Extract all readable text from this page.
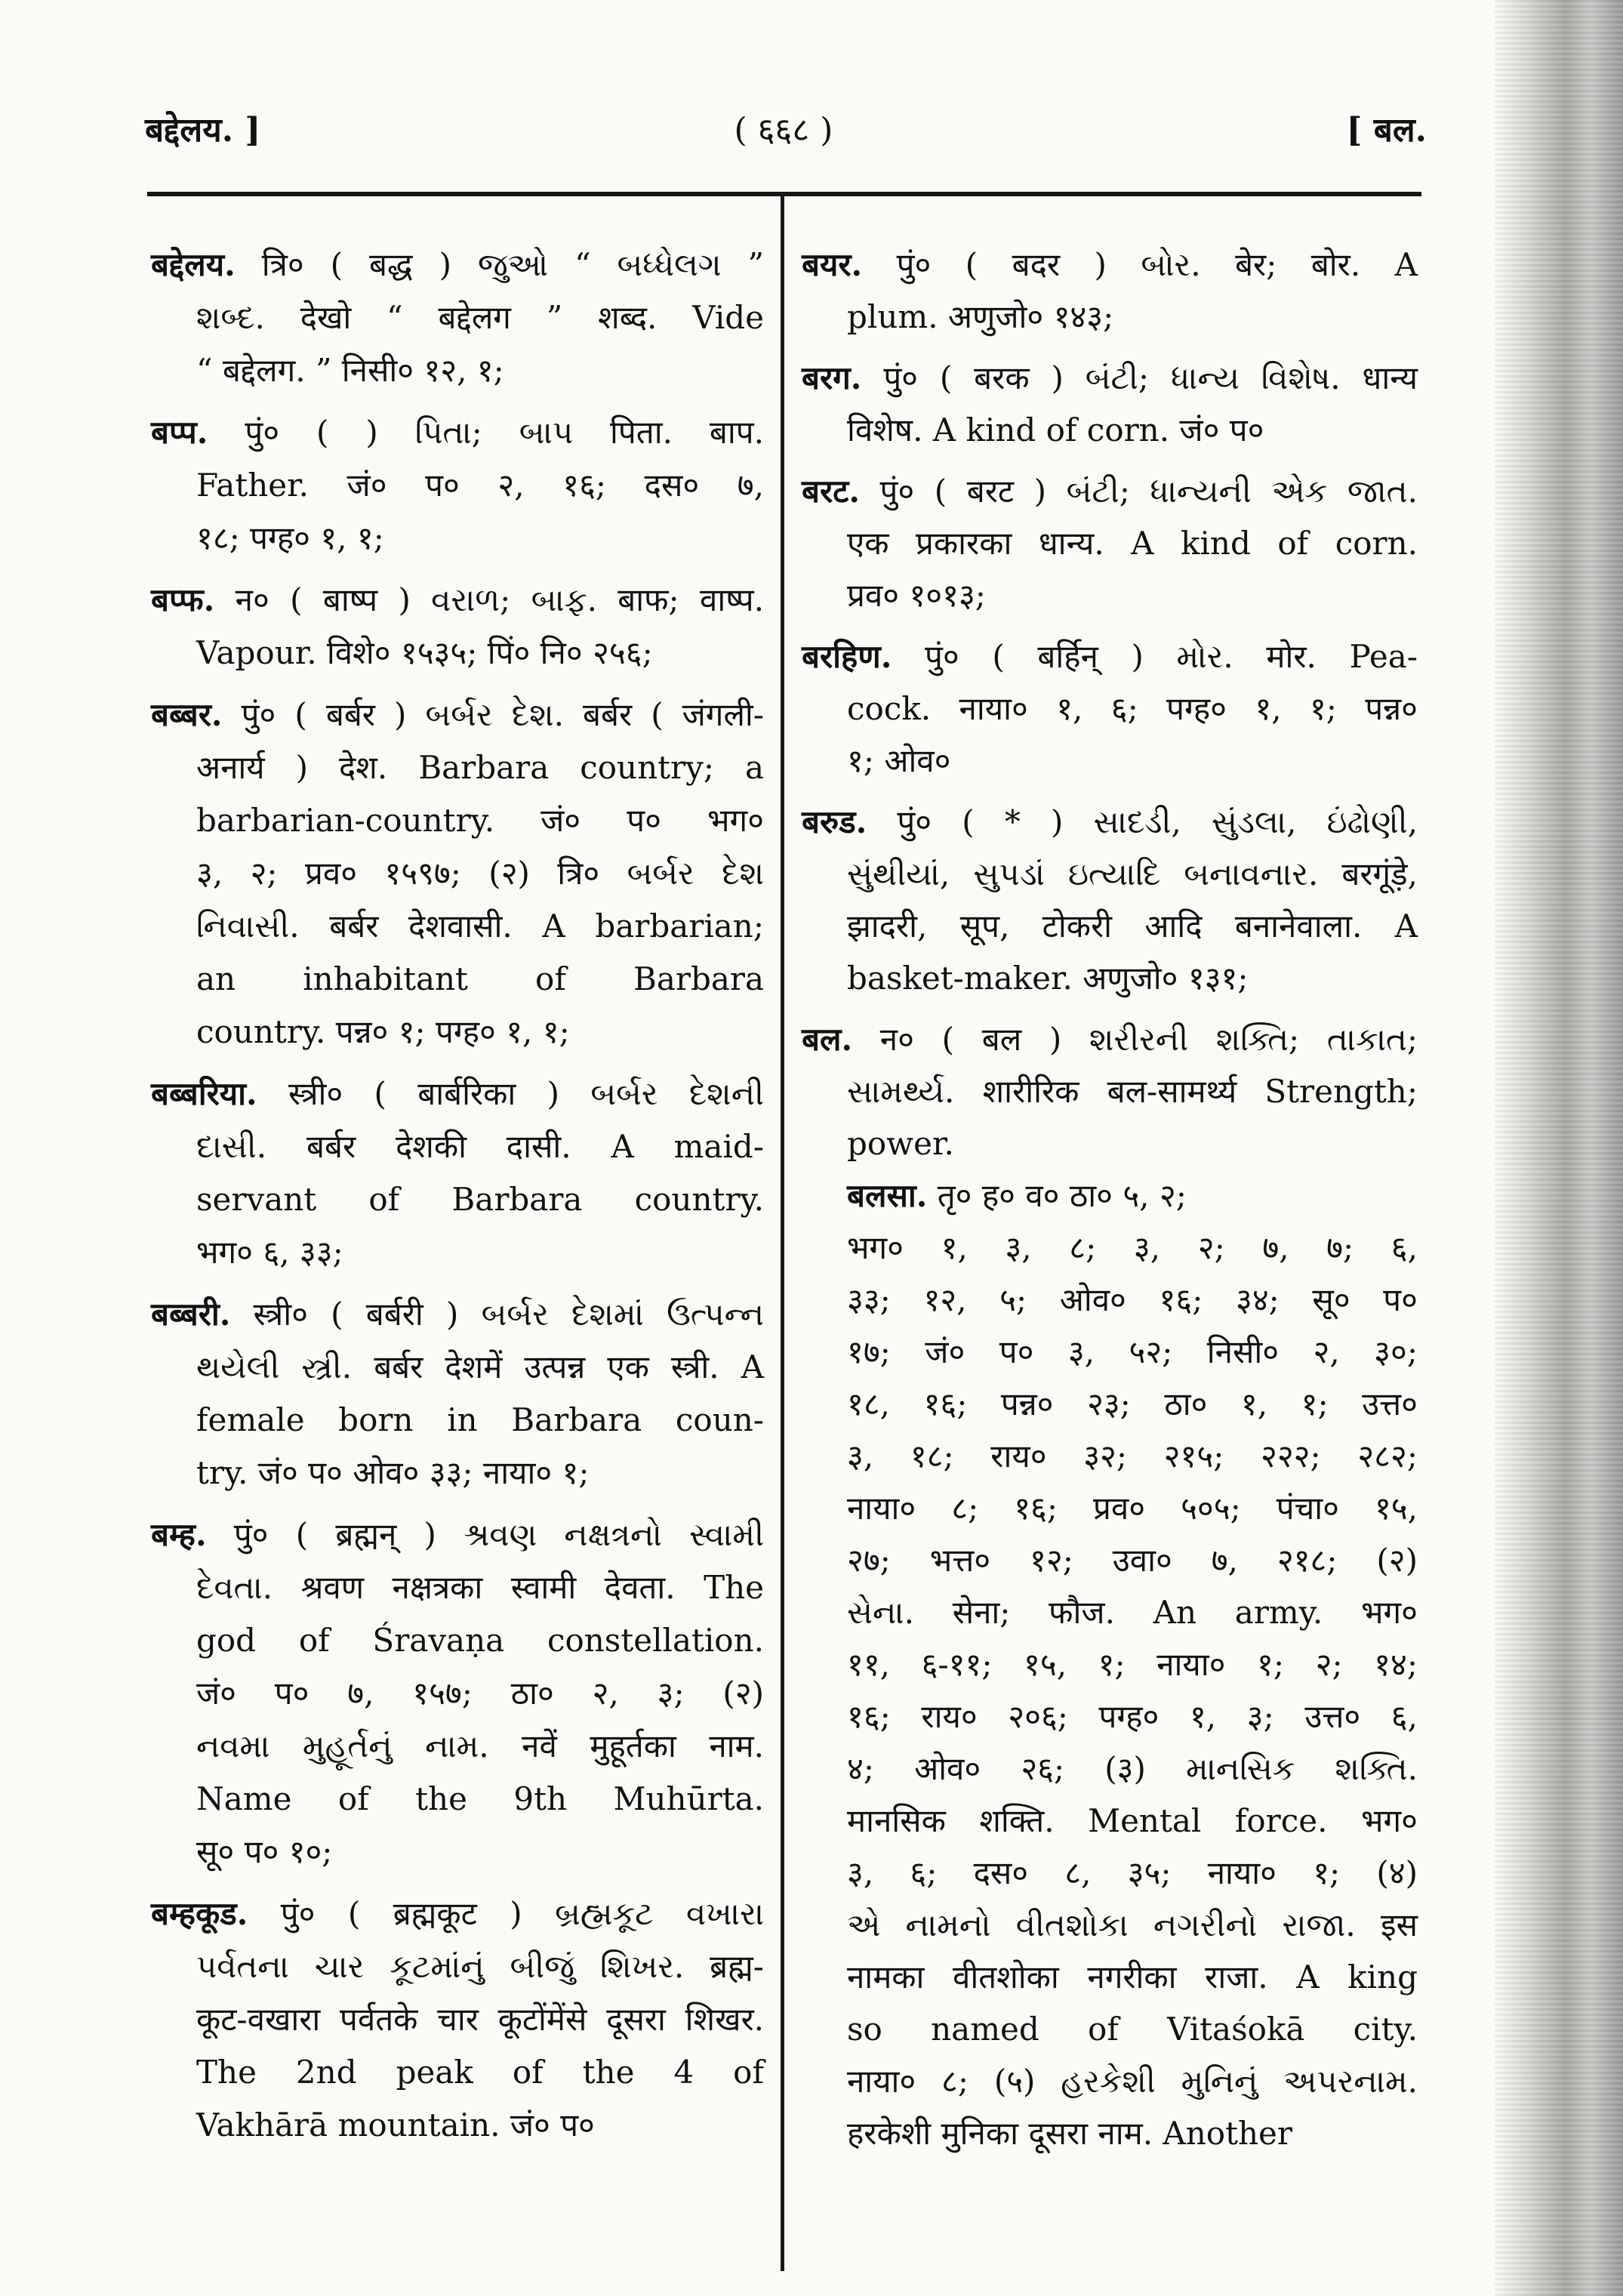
बद्देलय. ]	( ६६८ )	[ बल.
बद्देलय. त्रि० ( बद्ध ) જુઓ “ બધ્ધેલગ ”
શબ્દ. देखो “ बद्देलग ” शब्द. Vide
“ बद्देलग. ” निसी० १२, १;
बप्प. पुं० ( ) પિતા; બાપ पिता. बाप.
Father. जं० प० २, १६; दस० ७,
१८; पग्ह० १, १;
बप्फ. न० ( बाष्प ) વરાળ; બાફ. बाफ; वाष्प.
Vapour. विशे० १५३५; पिं० नि० २५६;
बब्बर. पुं० ( बर्बर ) બર્બર દેશ. बर्बर ( जंगली-
अनार्य ) देश. Barbara country; a
barbarian-country. जं० प० भग०
३, २; प्रव० १५९७; (२) त्रि० બર્બર દેશ
નિવાસી. बर्बर देशवासी. A barbarian;
an inhabitant of Barbara
country. पन्न० १; पग्ह० १, १;
बब्बरिया. स्त्री० ( बार्बरिका ) બર્બર દેશની
દાસી. बर्बर देशकी दासी. A maid-
servant of Barbara country.
भग० ६, ३३;
बब्बरी. स्त्री० ( बर्बरी ) બર્બર દેશમાં ઉત્પન્ન
થયેલી સ્ત્રી. बर्बर देशमें उत्पन्न एक स्त्री. A
female born in Barbara coun-
try. जं० प० ओव० ३३; नाया० १;
बम्ह. पुं० ( ब्रह्मन् ) શ્રવણ નક્ષત્રનો સ્વામી
દેવતા. श्रवण नक्षत्रका स्वामी देवता. The
god of Śravaṇa constellation.
जं० प० ७, १५७; ठा० २, ३; (२)
નવમા મુહૂર્તનું નામ. नवें मुहूर्तका नाम.
Name of the 9th Muhūrta.
सू० प० १०;
बम्हकूड. पुं० ( ब्रह्मकूट ) બ્રહ્મકૂટ વખારા
પર્વતના ચાર કૂટમાંનું બીજું શિખર. ब्रह्म-
कूट-वखारा पर्वतके चार कूटोंमेंसे दूसरा शिखर.
The 2nd peak of the 4 of
Vakhārā mountain. जं० प०
बयर. पुं० ( बदर ) બોર. बेर; बोर. A
plum. अणुजो० १४३;
बरग. पुं० ( बरक ) બંટી; ધાન્ય વિશેષ. धान्य
विशेष. A kind of corn. जं० प०
बरट. पुं० ( बरट ) બંટી; ધાન્યની એક જાત.
एक प्रकारका धान्य. A kind of corn.
प्रव० १०१३;
बरहिण. पुं० ( बर्हिन् ) મોર. मोर. Pea-
cock. नाया० १, ६; पग्ह० १, १; पन्न०
१; ओव०
बरुड. पुं० ( * ) સાદડી, સુંડલા, ઇંઢોણી,
સુંથીયાં, સુપડાં ઇત્યાદિ બનાવનાર. बरगूंड़े,
झादरी, सूप, टोकरी आदि बनानेवाला. A
basket-maker. अणुजो० १३१;
बल. न० ( बल ) શરીરની શક્તિ; તાકાત;
સામર્થ્ય. शारीरिक बल-सामर्थ्य Strength;
power.
बलसा. तृ० ह० व० ठा० ५, २;
भग० १, ३, ८; ३, २; ७, ७; ६,
३३; १२, ५; ओव० १६; ३४; सू० प०
१७; जं० प० ३, ५२; निसी० २, ३०;
१८, १६; पन्न० २३; ठा० १, १; उत्त०
३, १८; राय० ३२; २१५; २२२; २८२;
नाया० ८; १६; प्रव० ५०५; पंचा० १५,
२७; भत्त० १२; उवा० ७, २१८; (२)
સેના. सेना; फौज. An army. भग०
११, ६-११; १५, १; नाया० १; २; १४;
१६; राय० २०६; पग्ह० १, ३; उत्त० ६,
४; ओव० २६; (३) માનસિક શક્તિ.
मानसिक शक्ति. Mental force. भग०
३, ६; दस० ८, ३५; नाया० १; (४)
એ નામનો વીતશોકા નગરીનો રાજા. इस
नामका वीतशोका नगरीका राजा. A king
so named of Vitaśokā city.
नाया० ८; (५) હરકેશી મુનિનું અપરનામ.
हरकेशी मुनिका दूसरा नाम. Another
